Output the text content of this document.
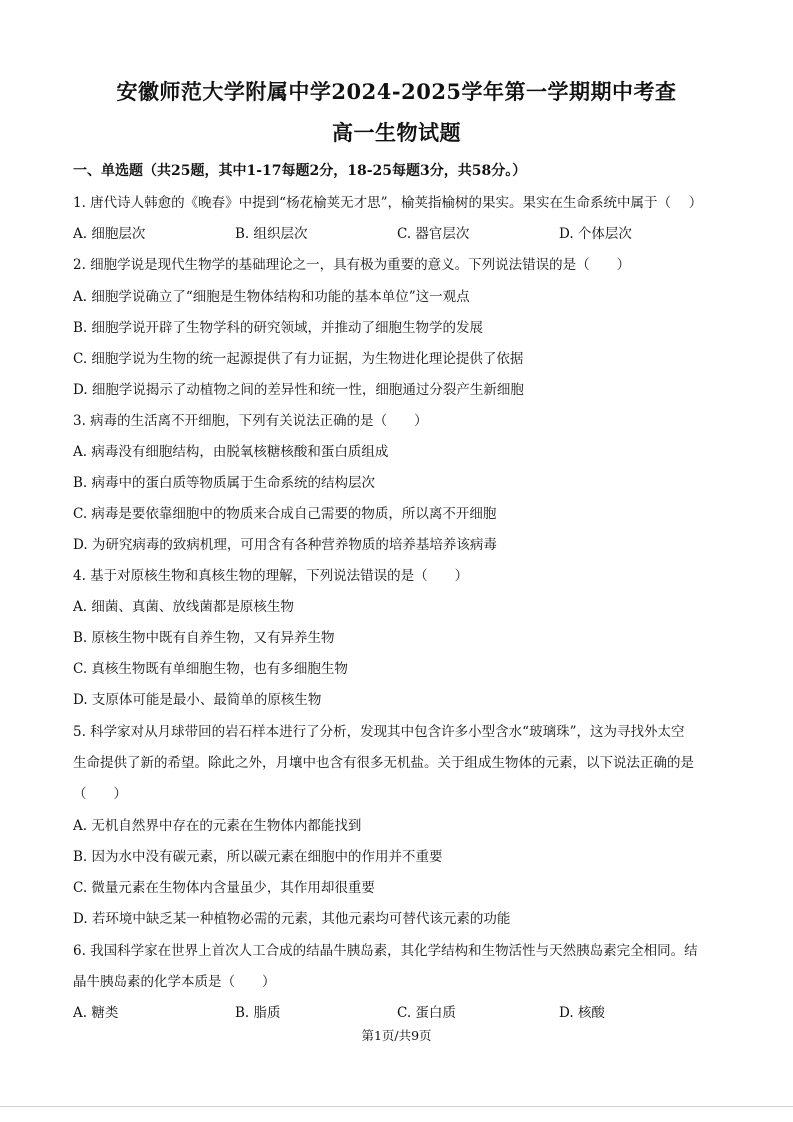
安徽师范大学附属中学2024-2025学年第一学期期中考查
高一生物试题
一、单选题（共25题，其中1-17每题2分，18-25每题3分，共58分。）
1. 唐代诗人韩愈的《晚春》中提到“杨花榆荚无才思”，榆荚指榆树的果实。果实在生命系统中属于（　 ）
A. 细胞层次	B. 组织层次	C. 器官层次	D. 个体层次
2. 细胞学说是现代生物学的基础理论之一，具有极为重要的意义。下列说法错误的是（　　）
A. 细胞学说确立了“细胞是生物体结构和功能的基本单位”这一观点
B. 细胞学说开辟了生物学科的研究领域，并推动了细胞生物学的发展
C. 细胞学说为生物的统一起源提供了有力证据，为生物进化理论提供了依据
D. 细胞学说揭示了动植物之间的差异性和统一性，细胞通过分裂产生新细胞
3. 病毒的生活离不开细胞，下列有关说法正确的是（　　）
A. 病毒没有细胞结构，由脱氧核糖核酸和蛋白质组成
B. 病毒中的蛋白质等物质属于生命系统的结构层次
C. 病毒是要依靠细胞中的物质来合成自己需要的物质，所以离不开细胞
D. 为研究病毒的致病机理，可用含有各种营养物质的培养基培养该病毒
4. 基于对原核生物和真核生物的理解，下列说法错误的是（　　）
A. 细菌、真菌、放线菌都是原核生物
B. 原核生物中既有自养生物，又有异养生物
C. 真核生物既有单细胞生物，也有多细胞生物
D. 支原体可能是最小、最简单的原核生物
5. 科学家对从月球带回的岩石样本进行了分析，发现其中包含许多小型含水“玻璃珠”，这为寻找外太空
生命提供了新的希望。除此之外，月壤中也含有很多无机盐。关于组成生物体的元素，以下说法正确的是
（　　）
A. 无机自然界中存在的元素在生物体内都能找到
B. 因为水中没有碳元素，所以碳元素在细胞中的作用并不重要
C. 微量元素在生物体内含量虽少，其作用却很重要
D. 若环境中缺乏某一种植物必需的元素，其他元素均可替代该元素的功能
6. 我国科学家在世界上首次人工合成的结晶牛胰岛素，其化学结构和生物活性与天然胰岛素完全相同。结
晶牛胰岛素的化学本质是（　　）
A. 糖类	B. 脂质	C. 蛋白质	D. 核酸
第1页/共9页
